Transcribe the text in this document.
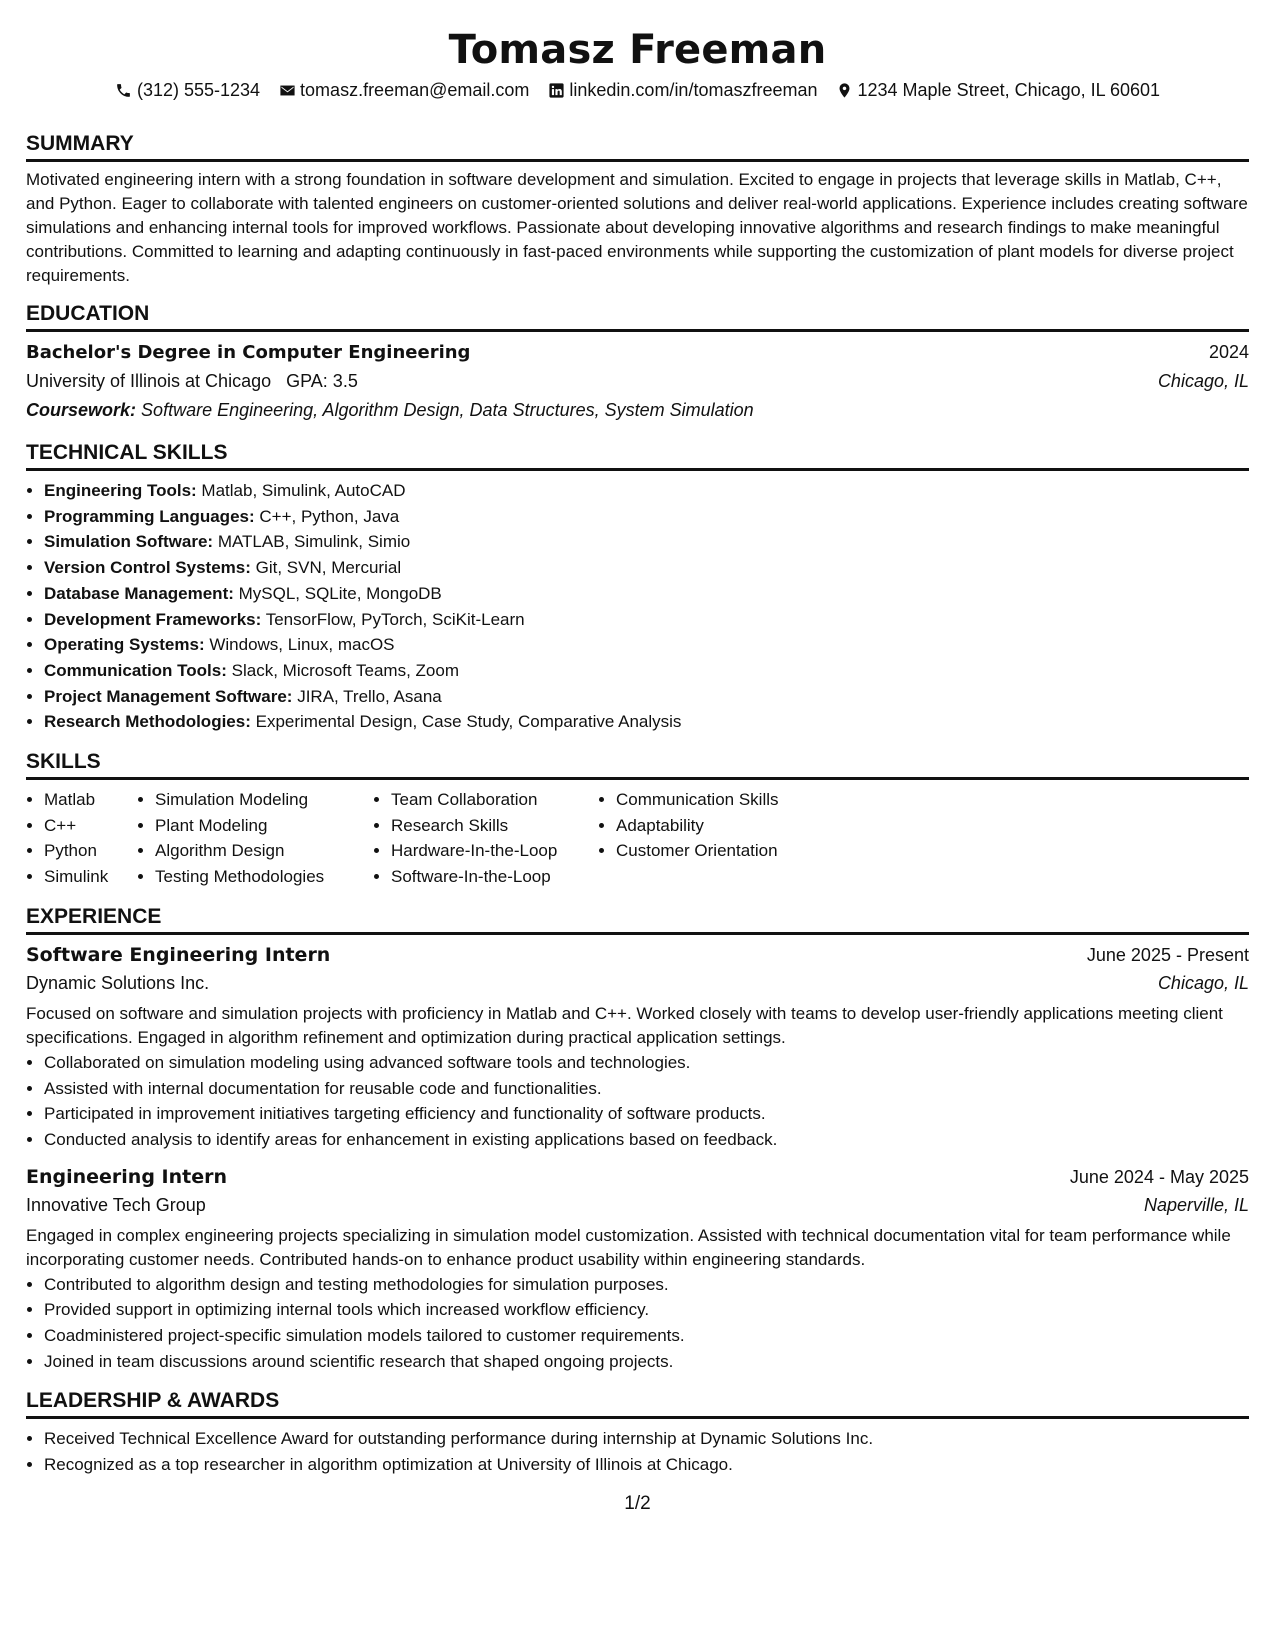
Tomasz Freeman
(312) 555-1234 tomasz.freeman@email.com linkedin.com/in/tomaszfreeman 1234 Maple Street, Chicago, IL 60601
SUMMARY

Motivated engineering intern with a strong foundation in software development and simulation. Excited to engage in projects that leverage skills in Matlab, C++, and Python. Eager to collaborate with talented engineers on customer-oriented solutions and deliver real-world applications. Experience includes creating software simulations and enhancing internal tools for improved workflows. Passionate about developing innovative algorithms and research findings to make meaningful contributions. Committed to learning and adapting continuously in fast-paced environments while supporting the customization of plant models for diverse project requirements.

EDUCATION
Bachelor's Degree in Computer Engineering	2024
University of Illinois at Chicago GPA: 3.5	Chicago, IL
Coursework: Software Engineering, Algorithm Design, Data Structures, System Simulation
TECHNICAL SKILLS
• Engineering Tools: Matlab, Simulink, AutoCAD
• Programming Languages: C++, Python, Java
• Simulation Software: MATLAB, Simulink, Simio
• Version Control Systems: Git, SVN, Mercurial
• Database Management: MySQL, SQLite, MongoDB
• Development Frameworks: TensorFlow, PyTorch, SciKit-Learn
• Operating Systems: Windows, Linux, macOS
• Communication Tools: Slack, Microsoft Teams, Zoom
• Project Management Software: JIRA, Trello, Asana
• Research Methodologies: Experimental Design, Case Study, Comparative Analysis
SKILLS
• Matlab
• C++
• Python
• Simulink
• Simulation Modeling
• Plant Modeling
• Algorithm Design
• Testing Methodologies
• Team Collaboration
• Research Skills
• Hardware-In-the-Loop
• Software-In-the-Loop
• Communication Skills
• Adaptability
• Customer Orientation
EXPERIENCE
Software Engineering Intern	June 2025 - Present
Dynamic Solutions Inc.	Chicago, IL

Focused on software and simulation projects with proficiency in Matlab and C++. Worked closely with teams to develop user-friendly applications meeting client specifications. Engaged in algorithm refinement and optimization during practical application settings.

• Collaborated on simulation modeling using advanced software tools and technologies.
• Assisted with internal documentation for reusable code and functionalities.
• Participated in improvement initiatives targeting efficiency and functionality of software products.
• Conducted analysis to identify areas for enhancement in existing applications based on feedback.
Engineering Intern	June 2024 - May 2025
Innovative Tech Group	Naperville, IL

Engaged in complex engineering projects specializing in simulation model customization. Assisted with technical documentation vital for team performance while incorporating customer needs. Contributed hands-on to enhance product usability within engineering standards.

• Contributed to algorithm design and testing methodologies for simulation purposes.
• Provided support in optimizing internal tools which increased workflow efficiency.
• Coadministered project-specific simulation models tailored to customer requirements.
• Joined in team discussions around scientific research that shaped ongoing projects.
LEADERSHIP & AWARDS
• Received Technical Excellence Award for outstanding performance during internship at Dynamic Solutions Inc.
• Recognized as a top researcher in algorithm optimization at University of Illinois at Chicago.
1/2
